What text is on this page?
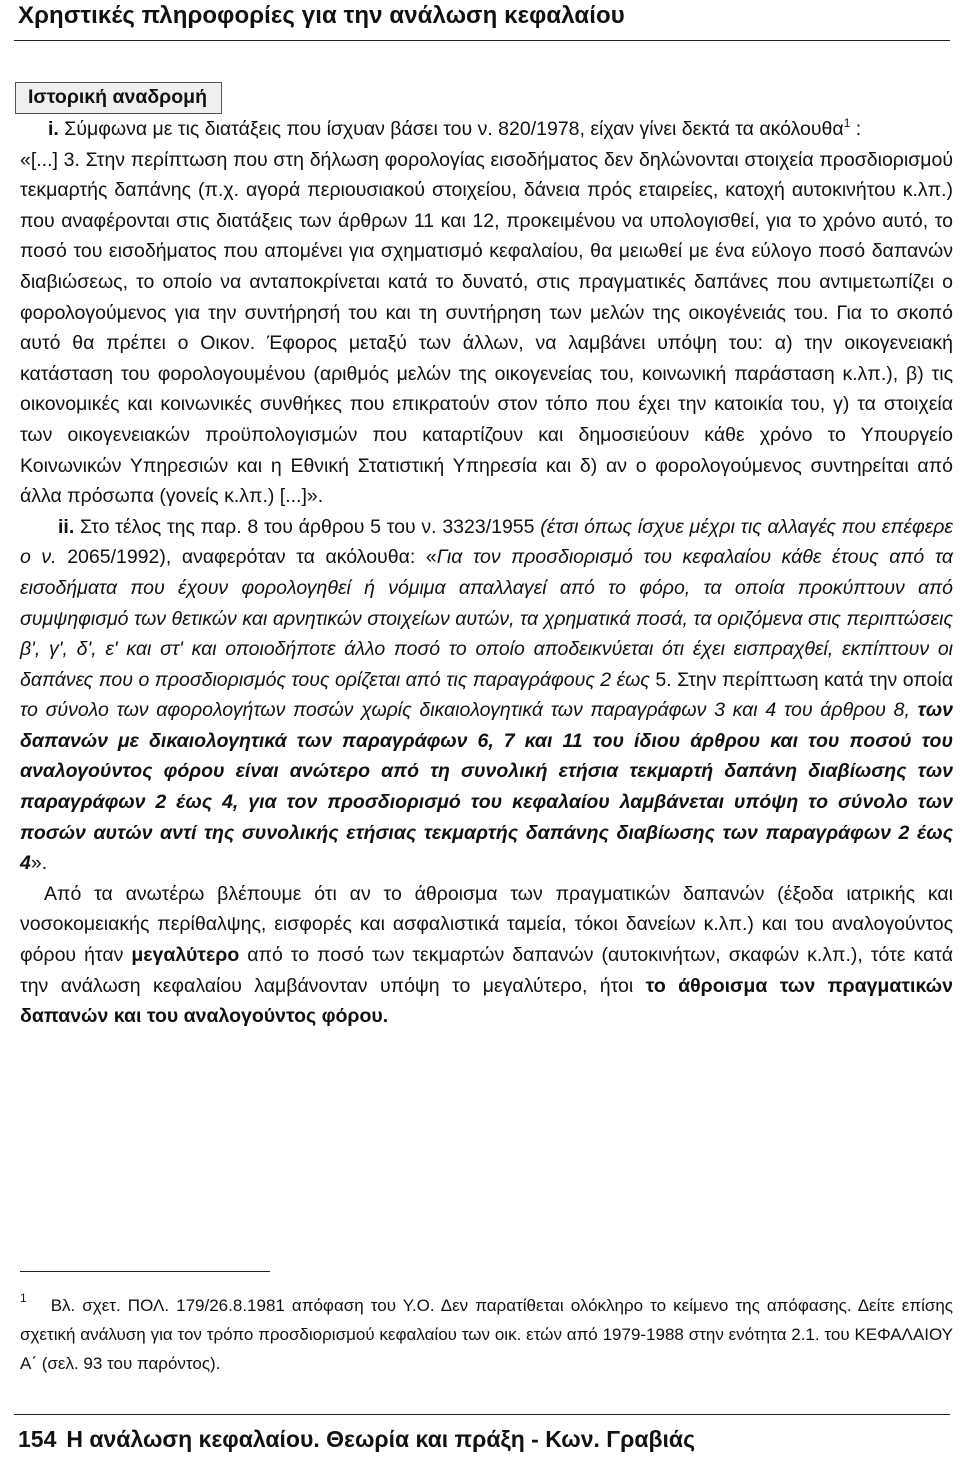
Χρηστικές πληροφορίες για την ανάλωση κεφαλαίου
Ιστορική αναδρομή

i. Σύμφωνα με τις διατάξεις που ίσχυαν βάσει του ν. 820/1978, είχαν γίνει δεκτά τα ακόλουθα$^1$ :

«[...] 3. Στην περίπτωση που στη δήλωση φορολογίας εισοδήματος δεν δηλώνονται στοιχεία προσδιορισμού τεκμαρτής δαπάνης (π.χ. αγορά περιουσιακού στοιχείου, δάνεια πρός εταιρείες, κατοχή αυτοκινήτου κ.λπ.) που αναφέρονται στις διατάξεις των άρθρων 11 και 12, προκειμένου να υπολογισθεί, για το χρόνο αυτό, το ποσό του εισοδήματος που απομένει για σχηματισμό κεφαλαίου, θα μειωθεί με ένα εύλογο ποσό δαπανών διαβιώσεως, το οποίο να ανταποκρίνεται κατά το δυνατό, στις πραγματικές δαπάνες που αντιμετωπίζει ο φορολογούμενος για την συντήρησή του και τη συντήρηση των μελών της οικογένειάς του. Για το σκοπό αυτό θα πρέπει ο Οικον. Έφορος μεταξύ των άλλων, να λαμβάνει υπόψη του: α) την οικογενειακή κατάσταση του φορολογουμένου (αριθμός μελών της οικογενείας του, κοινωνική παράσταση κ.λπ.), β) τις οικονομικές και κοινωνικές συνθήκες που επικρατούν στον τόπο που έχει την κατοικία του, γ) τα στοιχεία των οικογενειακών προϋπολογισμών που καταρτίζουν και δημοσιεύουν κάθε χρόνο το Υπουργείο Κοινωνικών Υπηρεσιών και η Εθνική Στατιστική Υπηρεσία και δ) αν ο φορολογούμενος συντηρείται από άλλα πρόσωπα (γονείς κ.λπ.) [...]».

ii. Στο τέλος της παρ. 8 του άρθρου 5 του ν. 3323/1955 (έτσι όπως ίσχυε μέχρι τις αλλαγές που επέφερε ο ν. 2065/1992), αναφερόταν τα ακόλουθα: «Για τον προσδιορισμό του κεφαλαίου κάθε έτους από τα εισοδήματα που έχουν φορολογηθεί ή νόμιμα απαλλαγεί από το φόρο, τα οποία προκύπτουν από συμψηφισμό των θετικών και αρνητικών στοιχείων αυτών, τα χρηματικά ποσά, τα οριζόμενα στις περιπτώσεις β', γ', δ', ε' και στ' και οποιοδήποτε άλλο ποσό το οποίο αποδεικνύεται ότι έχει εισπραχθεί, εκπίπτουν οι δαπάνες που ο προσδιορισμός τους ορίζεται από τις παραγράφους 2 έως 5. Στην περίπτωση κατά την οποία το σύνολο των αφορολογήτων ποσών χωρίς δικαιολογητικά των παραγράφων 3 και 4 του άρθρου 8, των δαπανών με δικαιολογητικά των παραγράφων 6, 7 και 11 του ίδιου άρθρου και του ποσού του αναλογούντος φόρου είναι ανώτερο από τη συνολική ετήσια τεκμαρτή δαπάνη διαβίωσης των παραγράφων 2 έως 4, για τον προσδιορισμό του κεφαλαίου λαμβάνεται υπόψη το σύνολο των ποσών αυτών αντί της συνολικής ετήσιας τεκμαρτής δαπάνης διαβίωσης των παραγράφων 2 έως 4».

Από τα ανωτέρω βλέπουμε ότι αν το άθροισμα των πραγματικών δαπανών (έξοδα ιατρικής και νοσοκομειακής περίθαλψης, εισφορές και ασφαλιστικά ταμεία, τόκοι δανείων κ.λπ.) και του αναλογούντος φόρου ήταν μεγαλύτερο από το ποσό των τεκμαρτών δαπανών (αυτοκινήτων, σκαφών κ.λπ.), τότε κατά την ανάλωση κεφαλαίου λαμβάνονταν υπόψη το μεγαλύτερο, ήτοι το άθροισμα των πραγματικών δαπανών και του αναλογούντος φόρου.

$^1$ Βλ. σχετ. ΠΟΛ. 179/26.8.1981 απόφαση του Υ.Ο. Δεν παρατίθεται ολόκληρο το κείμενο της απόφασης. Δείτε επίσης σχετική ανάλυση για τον τρόπο προσδιορισμού κεφαλαίου των οικ. ετών από 1979-1988 στην ενότητα 2.1. του ΚΕΦΑΛΑΙΟΥ Α΄ (σελ. 93 του παρόντος).
154 Η ανάλωση κεφαλαίου. Θεωρία και πράξη - Κων. Γραβιάς
